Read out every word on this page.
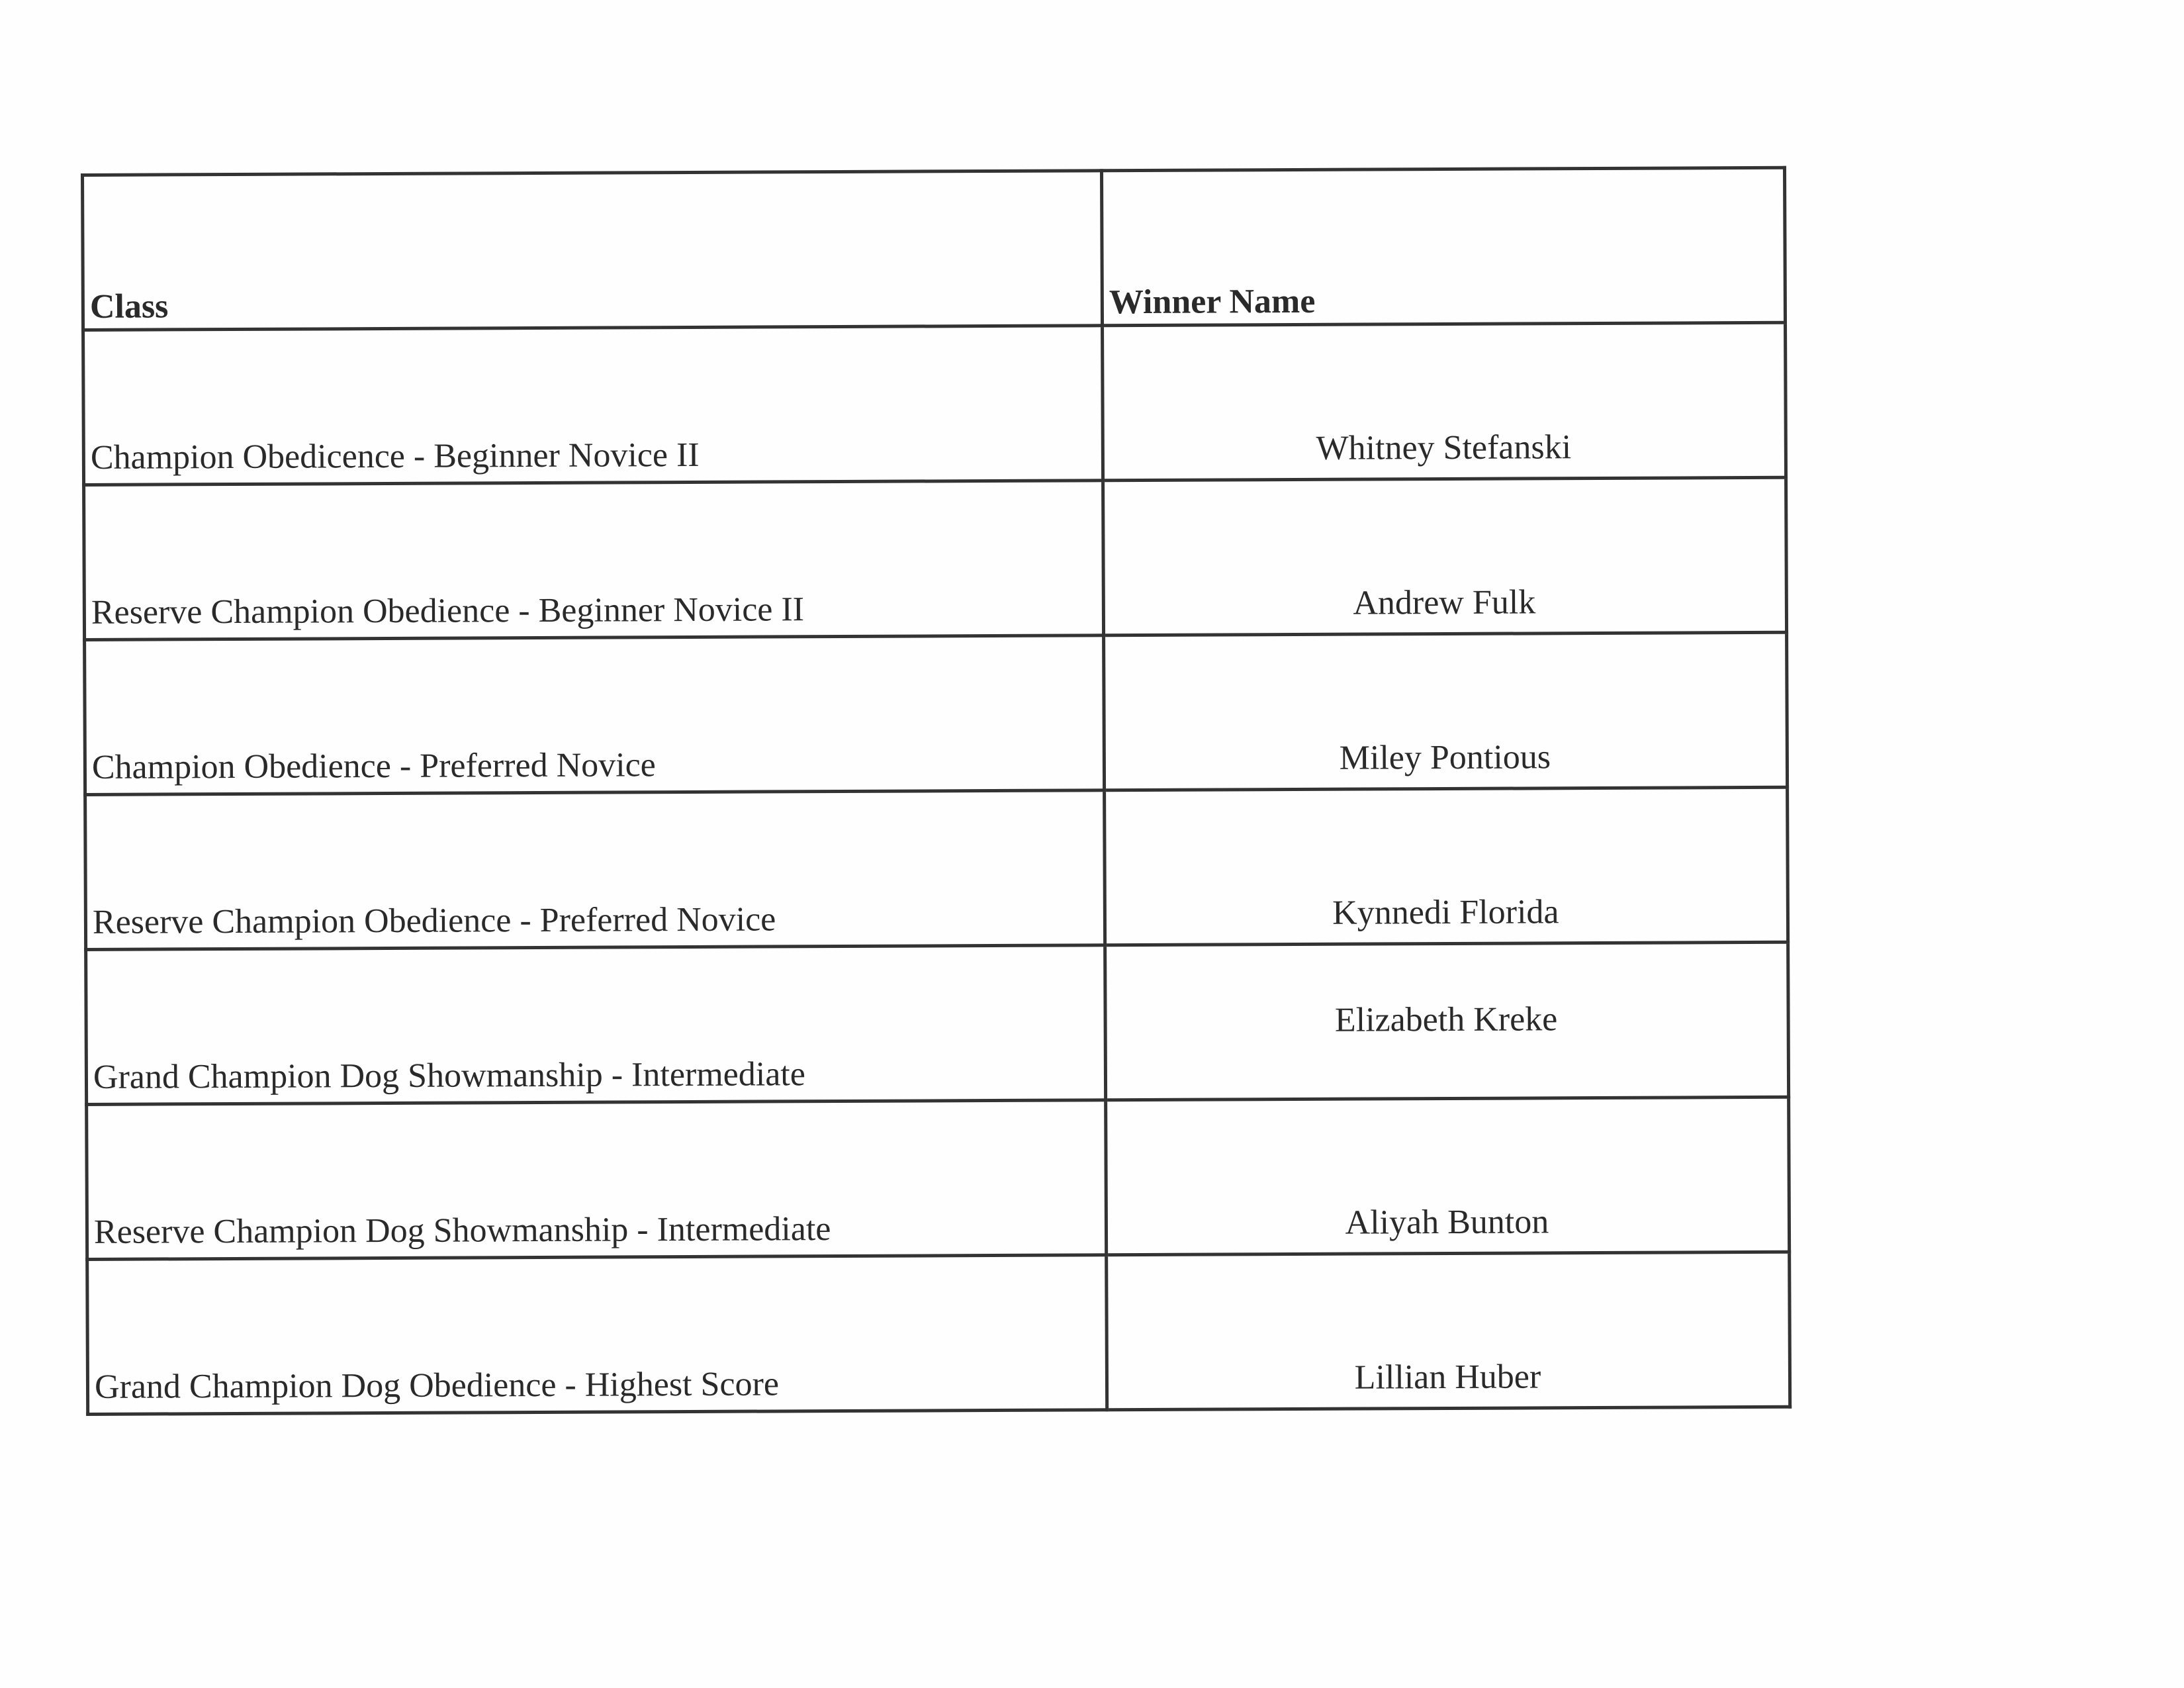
Class	Winner Name
Champion Obedicence - Beginner Novice II	Whitney Stefanski
Reserve Champion Obedience - Beginner Novice II	Andrew Fulk
Champion Obedience - Preferred Novice	Miley Pontious
Reserve Champion Obedience - Preferred Novice	Kynnedi Florida
Grand Champion Dog Showmanship - Intermediate	Elizabeth Kreke
Reserve Champion Dog Showmanship - Intermediate	Aliyah Bunton
Grand Champion Dog Obedience - Highest Score	Lillian Huber
